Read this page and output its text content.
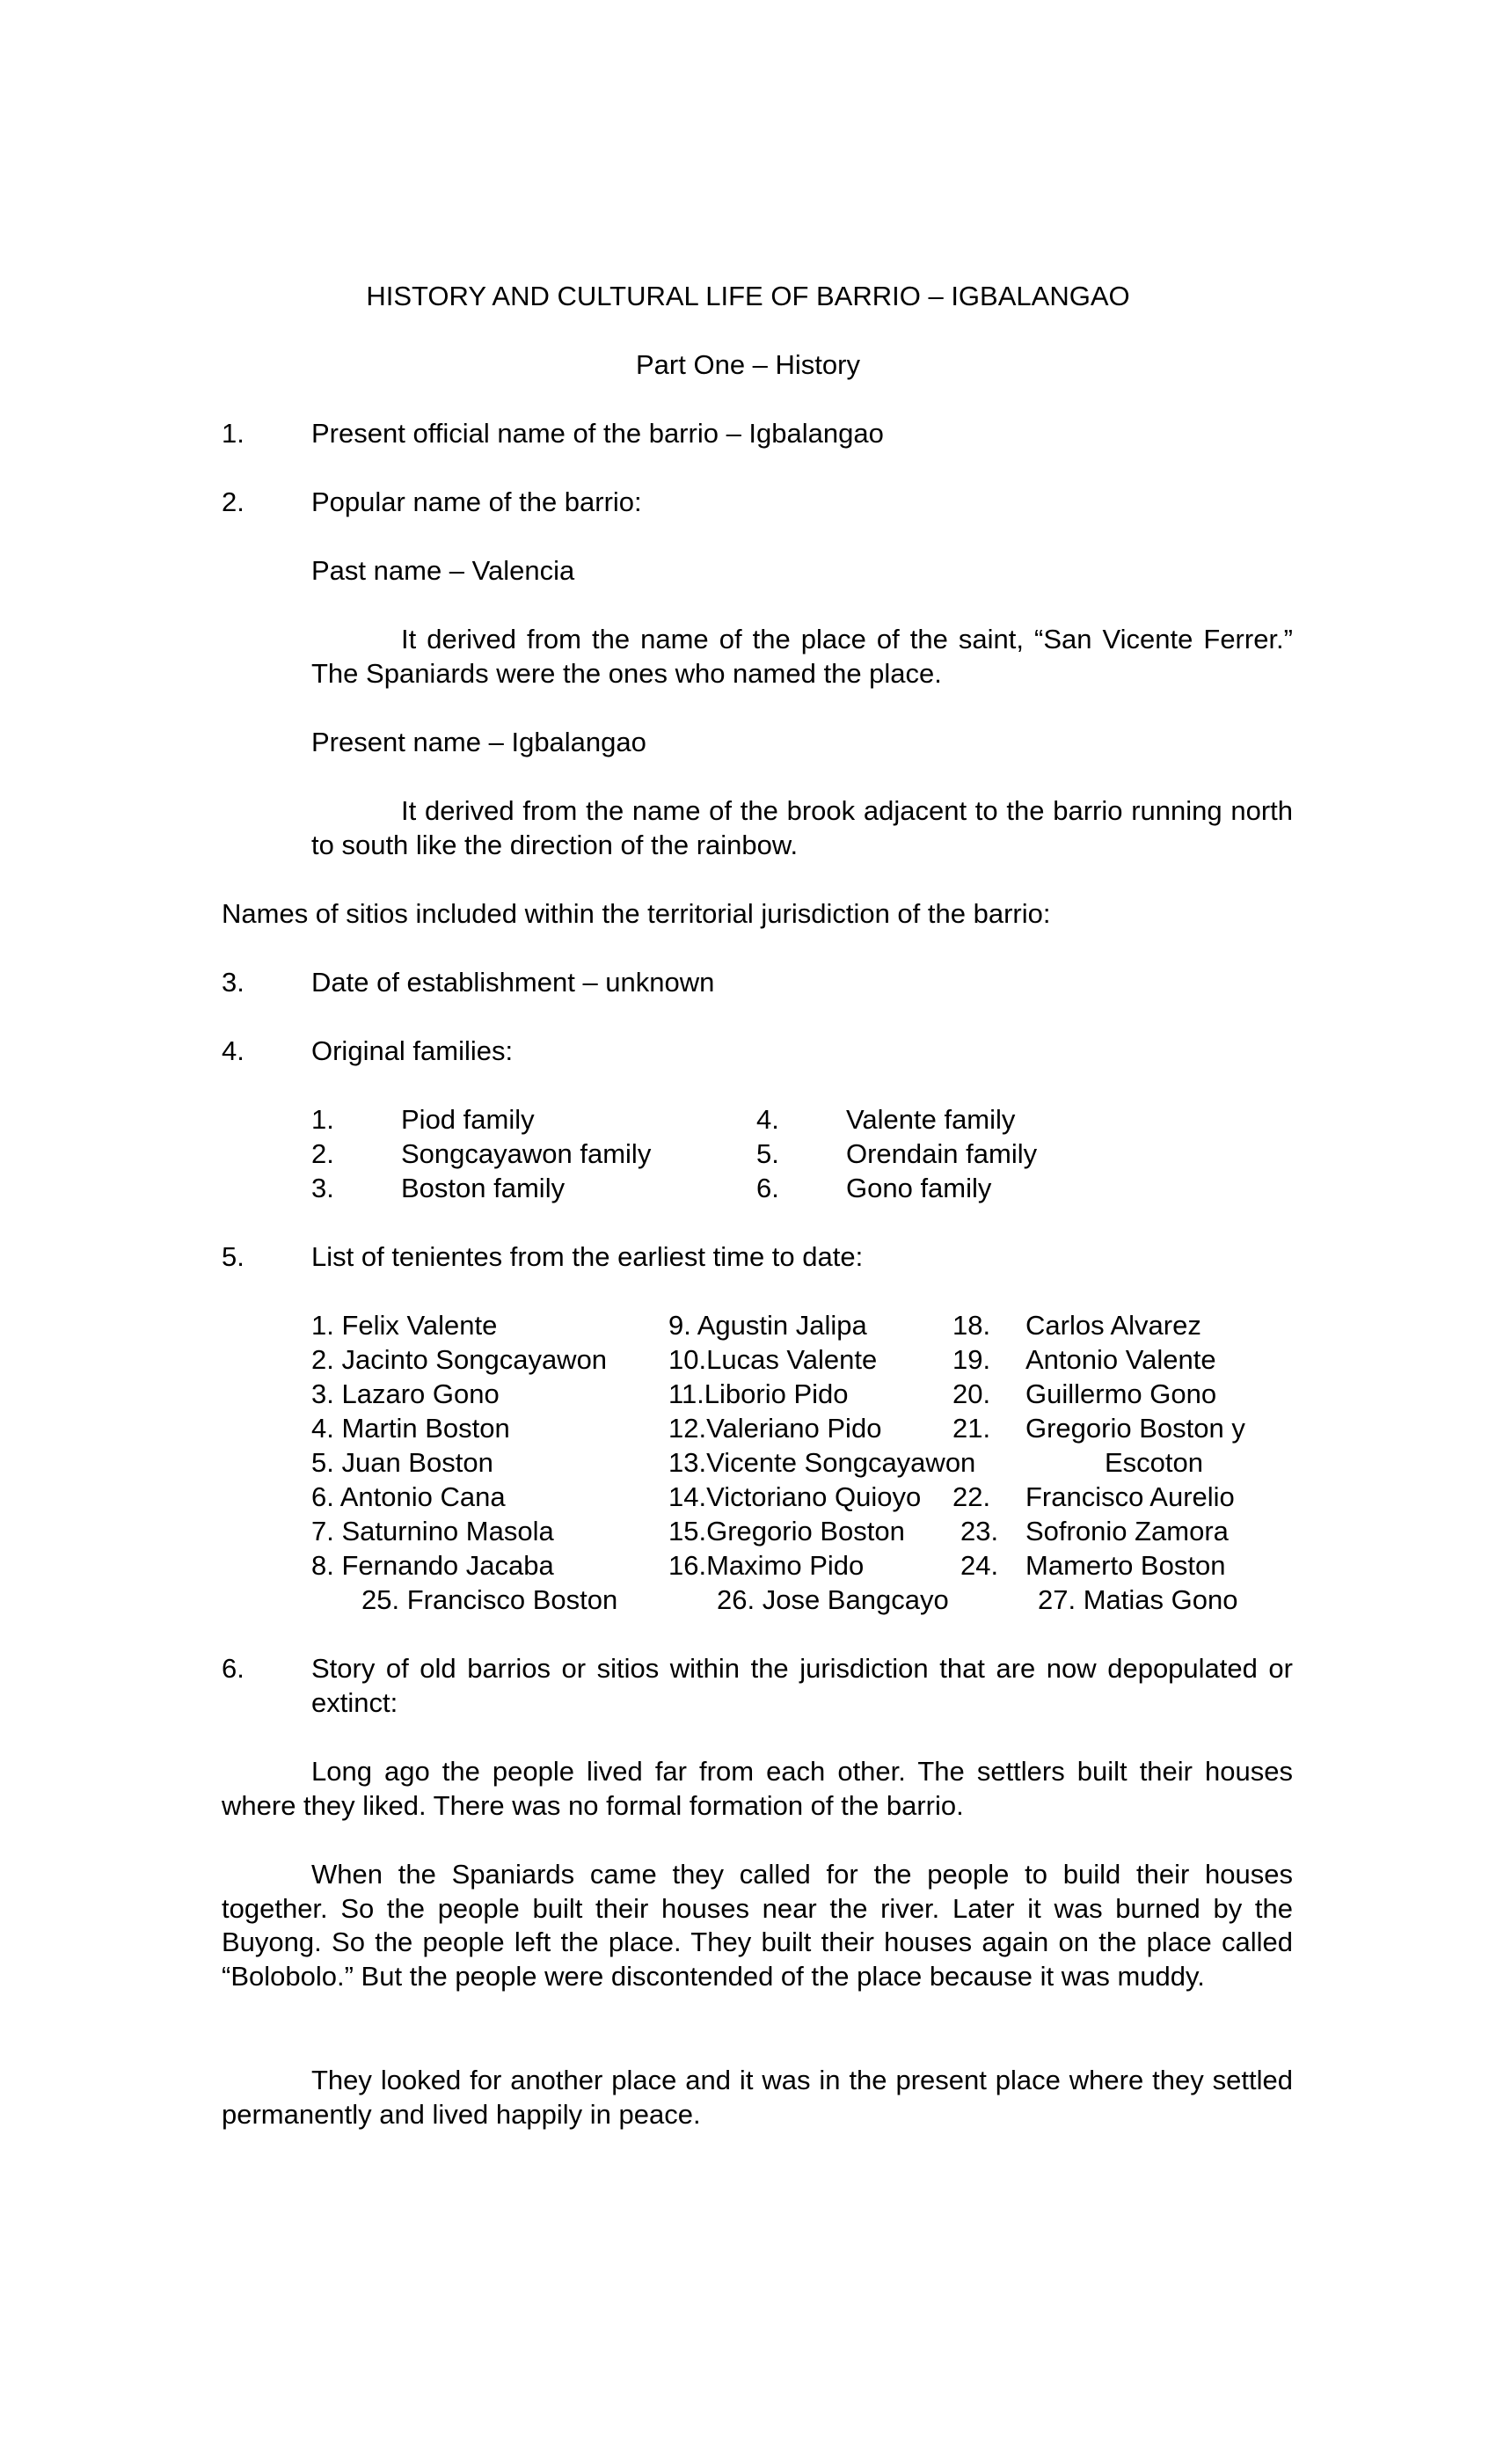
HISTORY AND CULTURAL LIFE OF BARRIO – IGBALANGAO
Part One – History
1. Present official name of the barrio – Igbalangao
2. Popular name of the barrio:
Past name – Valencia
It derived from the name of the place of the saint, “San Vicente Ferrer.” The Spaniards were the ones who named the place.
Present name – Igbalangao
It derived from the name of the brook adjacent to the barrio running north to south like the direction of the rainbow.
Names of sitios included within the territorial jurisdiction of the barrio:
3. Date of establishment – unknown
4. Original families:
1. Piod family
2. Songcayawon family
3. Boston family
4. Valente family
5. Orendain family
6. Gono family
5. List of tenientes from the earliest time to date:
1. Felix Valente
2. Jacinto Songcayawon
3. Lazaro Gono
4. Martin Boston
5. Juan Boston
6. Antonio Cana
7. Saturnino Masola
8. Fernando Jacaba
9. Agustin Jalipa
10.Lucas Valente
11.Liborio Pido
12.Valeriano Pido
13.Vicente Songcayawon
14.Victoriano Quioyo
15.Gregorio Boston
16.Maximo Pido
18.
19.
20.
21.
22.
23.
24.
Carlos Alvarez
Antonio Valente
Guillermo Gono
Gregorio Boston y
Escoton
Francisco Aurelio
Sofronio Zamora
Mamerto Boston
25. Francisco Boston	26. Jose Bangcayo	27. Matias Gono
6. Story of old barrios or sitios within the jurisdiction that are now depopulated or extinct:
Long ago the people lived far from each other. The settlers built their houses where they liked. There was no formal formation of the barrio.
When the Spaniards came they called for the people to build their houses together. So the people built their houses near the river. Later it was burned by the Buyong. So the people left the place. They built their houses again on the place called “Bolobolo.” But the people were discontended of the place because it was muddy.
They looked for another place and it was in the present place where they settled permanently and lived happily in peace.
